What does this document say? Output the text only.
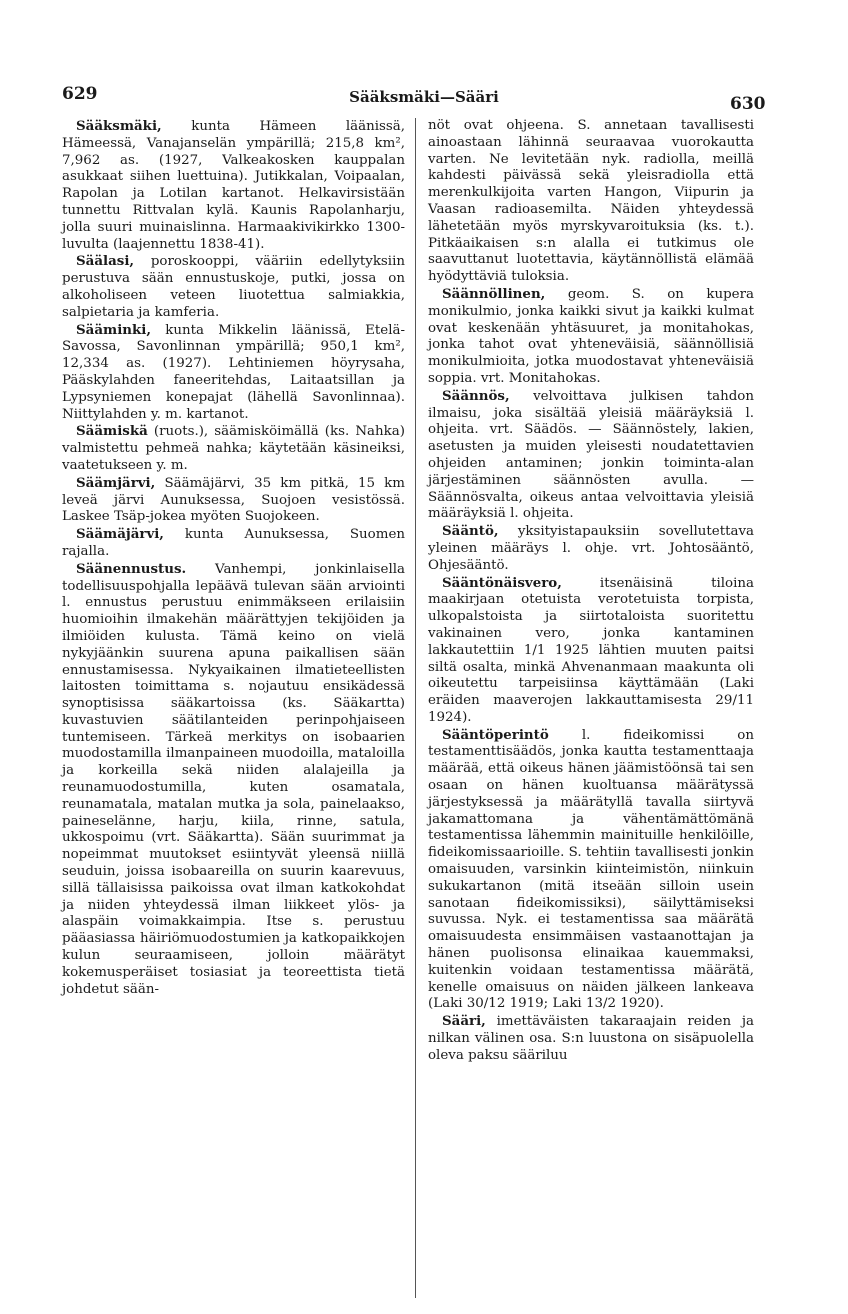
629	Sääksmäki—Sääri	630

Sääksmäki, kunta Hämeen läänissä, Hämeessä, Vanajanselän ympärillä; 215,8 km², 7,962 as. (1927, Valkeakosken kauppalan asukkaat siihen luettuina). Jutikkalan, Voipaalan, Rapolan ja Lotilan kartanot. Helkavirsistään tunnettu Rittvalan kylä. Kaunis Rapolanharju, jolla suuri muinaislinna. Harmaakivikirkko 1300-luvulta (laajennettu 1838-41).

Säälasi, poroskooppi, vääriin edellytyksiin perustuva sään ennustuskoje, putki, jossa on alkoholiseen veteen liuotettua salmiakkia, salpietaria ja kamferia.

Sääminki, kunta Mikkelin läänissä, Etelä-Savossa, Savonlinnan ympärillä; 950,1 km², 12,334 as. (1927). Lehtiniemen höyrysaha, Pääskylahden faneeritehdas, Laitaatsillan ja Lypsyniemen konepajat (lähellä Savonlinnaa). Niittylahden y. m. kartanot.

Säämiskä (ruots.), säämisköimällä (ks. Nahka) valmistettu pehmeä nahka; käytetään käsineiksi, vaatetukseen y. m.

Säämjärvi, Säämäjärvi, 35 km pitkä, 15 km leveä järvi Aunuksessa, Suojoen vesistössä. Laskee Tsäp-jokea myöten Suojokeen.

Säämäjärvi, kunta Aunuksessa, Suomen rajalla.

Säänennustus. Vanhempi, jonkinlaisella todellisuuspohjalla lepäävä tulevan sään arviointi l. ennustus perustuu enimmäkseen erilaisiin huomioihin ilmakehän määrättyjen tekijöiden ja ilmiöiden kulusta. Tämä keino on vielä nykyjäänkin suurena apuna paikallisen sään ennustamisessa. Nykyaikainen ilmatieteellisten laitosten toimittama s. nojautuu ensikädessä synoptisissa sääkartoissa (ks. Sääkartta) kuvastuvien säätilanteiden perinpohjaiseen tuntemiseen. Tärkeä merkitys on isobaarien muodostamilla ilmanpaineen muodoilla, mataloilla ja korkeilla sekä niiden alalajeilla ja reunamuodostumilla, kuten osamatala, reunamatala, matalan mutka ja sola, painelaakso, paineselänne, harju, kiila, rinne, satula, ukkospoimu (vrt. Sääkartta). Sään suurimmat ja nopeimmat muutokset esiintyvät yleensä niillä seuduin, joissa isobaareilla on suurin kaarevuus, sillä tällaisissa paikoissa ovat ilman katkokohdat ja niiden yhteydessä ilman liikkeet ylös- ja alaspäin voimakkaimpia. Itse s. perustuu pääasiassa häiriömuodostumien ja katkopaikkojen kulun seuraamiseen, jolloin määrätyt kokemusperäiset tosiasiat ja teoreettista tietä johdetut sään-

nöt ovat ohjeena. S. annetaan tavallisesti ainoastaan lähinnä seuraavaa vuorokautta varten. Ne levitetään nyk. radiolla, meillä kahdesti päivässä sekä yleisradiolla että merenkulkijoita varten Hangon, Viipurin ja Vaasan radioasemilta. Näiden yhteydessä lähetetään myös myrskyvaroituksia (ks. t.). Pitkäaikaisen s:n alalla ei tutkimus ole saavuttanut luotettavia, käytännöllistä elämää hyödyttäviä tuloksia.

Säännöllinen, geom. S. on kupera monikulmio, jonka kaikki sivut ja kaikki kulmat ovat keskenään yhtäsuuret, ja monitahokas, jonka tahot ovat yhteneväisiä, säännöllisiä monikulmioita, jotka muodostavat yhteneväisiä soppia. vrt. Monitahokas.

Säännös, velvoittava julkisen tahdon ilmaisu, joka sisältää yleisiä määräyksiä l. ohjeita. vrt. Säädös. — Säännöstely, lakien, asetusten ja muiden yleisesti noudatettavien ohjeiden antaminen; jonkin toiminta-alan järjestäminen säännösten avulla. — Säännösvalta, oikeus antaa velvoittavia yleisiä määräyksiä l. ohjeita.

Sääntö, yksityistapauksiin sovellutettava yleinen määräys l. ohje. vrt. Johtosääntö, Ohjesääntö.

Sääntönäisvero,	itsenäisinä tiloina maakirjaan otetuista verotetuista torpista, ulkopalstoista ja siirtotaloista suoritettu vakinainen vero, jonka kantaminen lakkautettiin 1/1 1925 lähtien muuten paitsi siltä osalta, minkä Ahvenanmaan maakunta oli oikeutettu tarpeisiinsa käyttämään (Laki eräiden maaverojen lakkauttamisesta 29/11 1924).

Sääntöperintö l. fideikomissi on testamenttisäädös, jonka kautta testamenttaaja määrää, että oikeus hänen jäämistöönsä tai sen osaan on hänen kuoltuansa määrätyssä järjestyksessä ja määrätyllä tavalla siirtyvä jakamattomana ja vähentämättömänä testamentissa lähemmin mainituille henkilöille, fideikomissaarioille. S. tehtiin tavallisesti jonkin omaisuuden, varsinkin kiinteimistön, niinkuin sukukartanon (mitä itseään silloin usein sanotaan fideikomissiksi), säilyttämiseksi suvussa. Nyk. ei testamentissa saa määrätä omaisuudesta ensimmäisen vastaanottajan ja hänen puolisonsa elinaikaa kauemmaksi, kuitenkin voidaan testamentissa määrätä, kenelle omaisuus on näiden jälkeen lankeava (Laki 30/12 1919; Laki 13/2 1920).

Sääri, imettäväisten takaraajain reiden ja nilkan välinen osa. S:n luustona on sisäpuolella oleva paksu sääriluu
